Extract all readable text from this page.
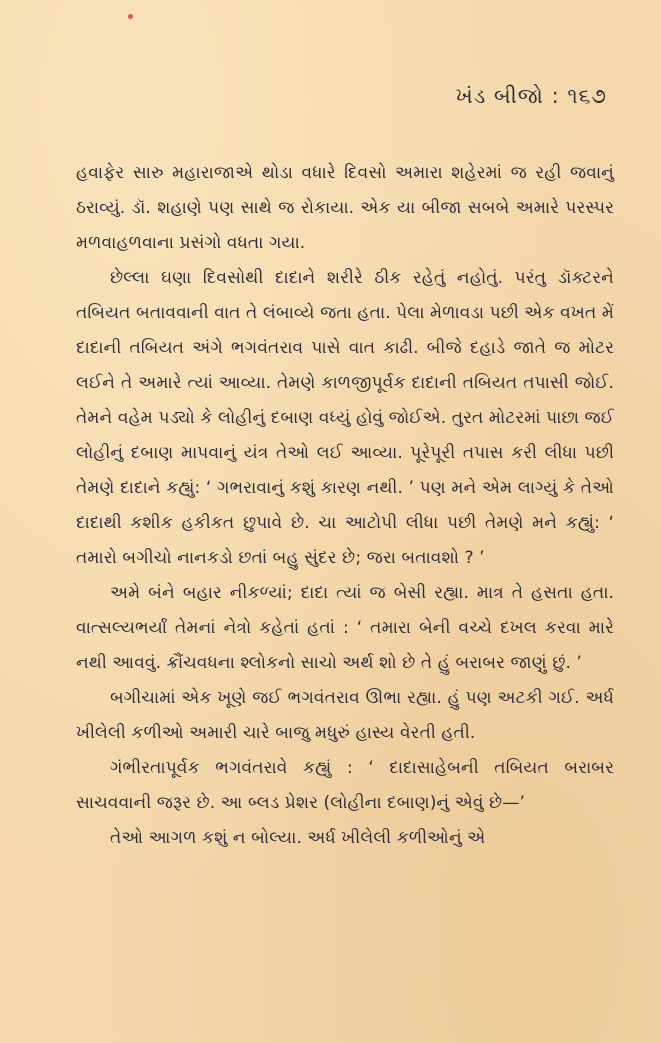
ખંડ બીજો : ૧૬૭

હવાફેર સારુ મહારાજાએ થોડા વધારે દિવસો અમારા શહેરમાં જ રહી જવાનું ઠરાવ્યું. ડૉ. શહાણે પણ સાથે જ રોકાયા. એક યા બીજા સબબે અમારે પરસ્પર મળવાહળવાના પ્રસંગો વધતા ગયા.

છેલ્લા ઘણા દિવસોથી દાદાને શરીરે ઠીક રહેતું નહોતું. પરંતુ ડૉક્ટરને તબિયત બતાવવાની વાત તે લંબાવ્યે જતા હતા. પેલા મેળાવડા પછી એક વખત મેં દાદાની તબિયત અંગે ભગવંતરાવ પાસે વાત કાઢી. બીજે દહાડે જાતે જ મોટર લઈને તે અમારે ત્યાં આવ્યા. તેમણે કાળજીપૂર્વક દાદાની તબિયત તપાસી જોઈ. તેમને વહેમ પડ્યો કે લોહીનું દબાણ વધ્યું હોવું જોઈએ. તુરત મોટરમાં પાછા જઈ લોહીનું દબાણ માપવાનું યંત્ર તેઓ લઈ આવ્યા. પૂરેપૂરી તપાસ કરી લીધા પછી તેમણે દાદાને કહ્યું: ‘ ગભરાવાનું કશું કારણ નથી. ’ પણ મને એમ લાગ્યું કે તેઓ દાદાથી કશીક હકીકત છુપાવે છે. ચા આટોપી લીધા પછી તેમણે મને કહ્યું: ‘ તમારો બગીચો નાનકડો છતાં બહુ સુંદર છે; જરા બતાવશો ? ’

અમે બંને બહાર નીકળ્યાં; દાદા ત્યાં જ બેસી રહ્યા. માત્ર તે હસતા હતા. વાત્સલ્યભર્યાં તેમનાં નેત્રો કહેતાં હતાં : ‘ તમારા બેની વચ્ચે દખલ કરવા મારે નથી આવવું. ક્રૌંચવધના શ્લોકનો સાચો અર્થ શો છે તે હું બરાબર જાણું છું. ’

બગીચામાં એક ખૂણે જઈ ભગવંતરાવ ઊભા રહ્યા. હું પણ અટકી ગઈ. અર્ધ ખીલેલી કળીઓ અમારી ચારે બાજુ મધુરું હાસ્ય વેરતી હતી.

ગંભીરતાપૂર્વક ભગવંતરાવે કહ્યું : ‘ દાદાસાહેબની તબિયત બરાબર સાચવવાની જરૂર છે. આ બ્લડ પ્રેશર (લોહીના દબાણ)નું એવું છે—’

તેઓ આગળ કશું ન બોલ્યા. અર્ધ ખીલેલી કળીઓનું એ
